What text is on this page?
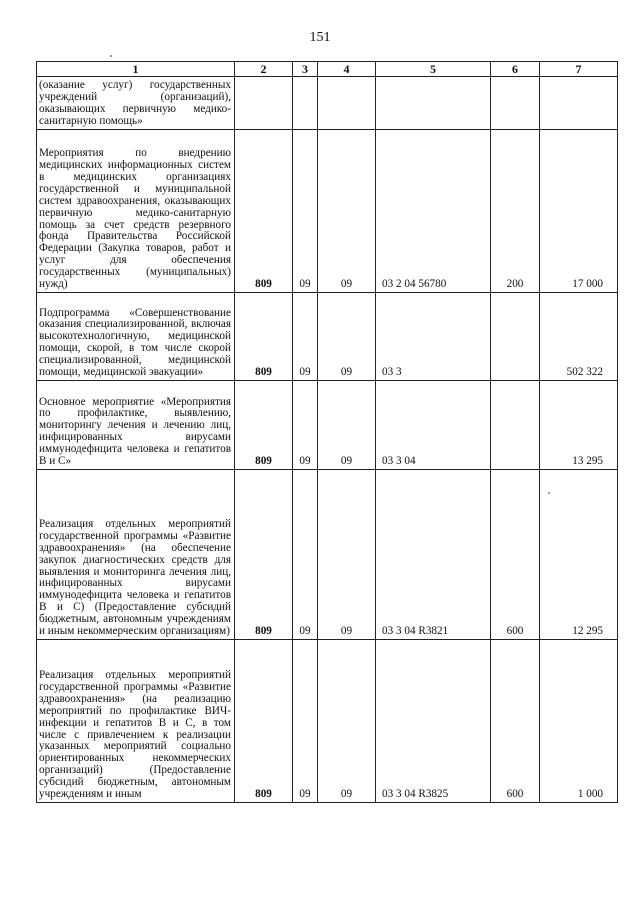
151
1	2	3	4	5	6	7

(оказание услуг) государственных учреждений (организаций), оказывающих первичную медико-санитарную помощь»						

Мероприятия по внедрению медицинских информационных систем в медицинских организациях государственной и муниципальной систем здравоохранения, оказывающих первичную медико-санитарную помощь за счет средств резервного фонда Правительства Российской Федерации (Закупка товаров, работ и услуг для обеспечения государственных (муниципальных) нужд)	809	09	09	03 2 04 56780	200	17 000

Подпрограмма «Совершенствование оказания специализированной, включая высокотехнологичную, медицинской помощи, скорой, в том числе скорой специализированной, медицинской помощи, медицинской эвакуации»	809	09	09	03 3		502 322

Основное мероприятие «Мероприятия по профилактике, выявлению, мониторингу лечения и лечению лиц, инфицированных вирусами иммунодефицита человека и гепатитов В и С»	809	09	09	03 3 04		13 295

Реализация отдельных мероприятий государственной программы «Развитие здравоохранения» (на обеспечение закупок диагностических средств для выявления и мониторинга лечения лиц, инфицированных вирусами иммунодефицита человека и гепатитов В и С) (Предоставление субсидий бюджетным, автономным учреждениям и иным некоммерческим организациям)	809	09	09	03 3 04 R3821	600	12 295

Реализация отдельных мероприятий государственной программы «Развитие здравоохранения» (на реализацию мероприятий по профилактике ВИЧ-инфекции и гепатитов В и С, в том числе с привлечением к реализации указанных мероприятий социально ориентированных некоммерческих организаций) (Предоставление субсидий бюджетным, автономным учреждениям и иным	809	09	09	03 3 04 R3825	600	1 000
